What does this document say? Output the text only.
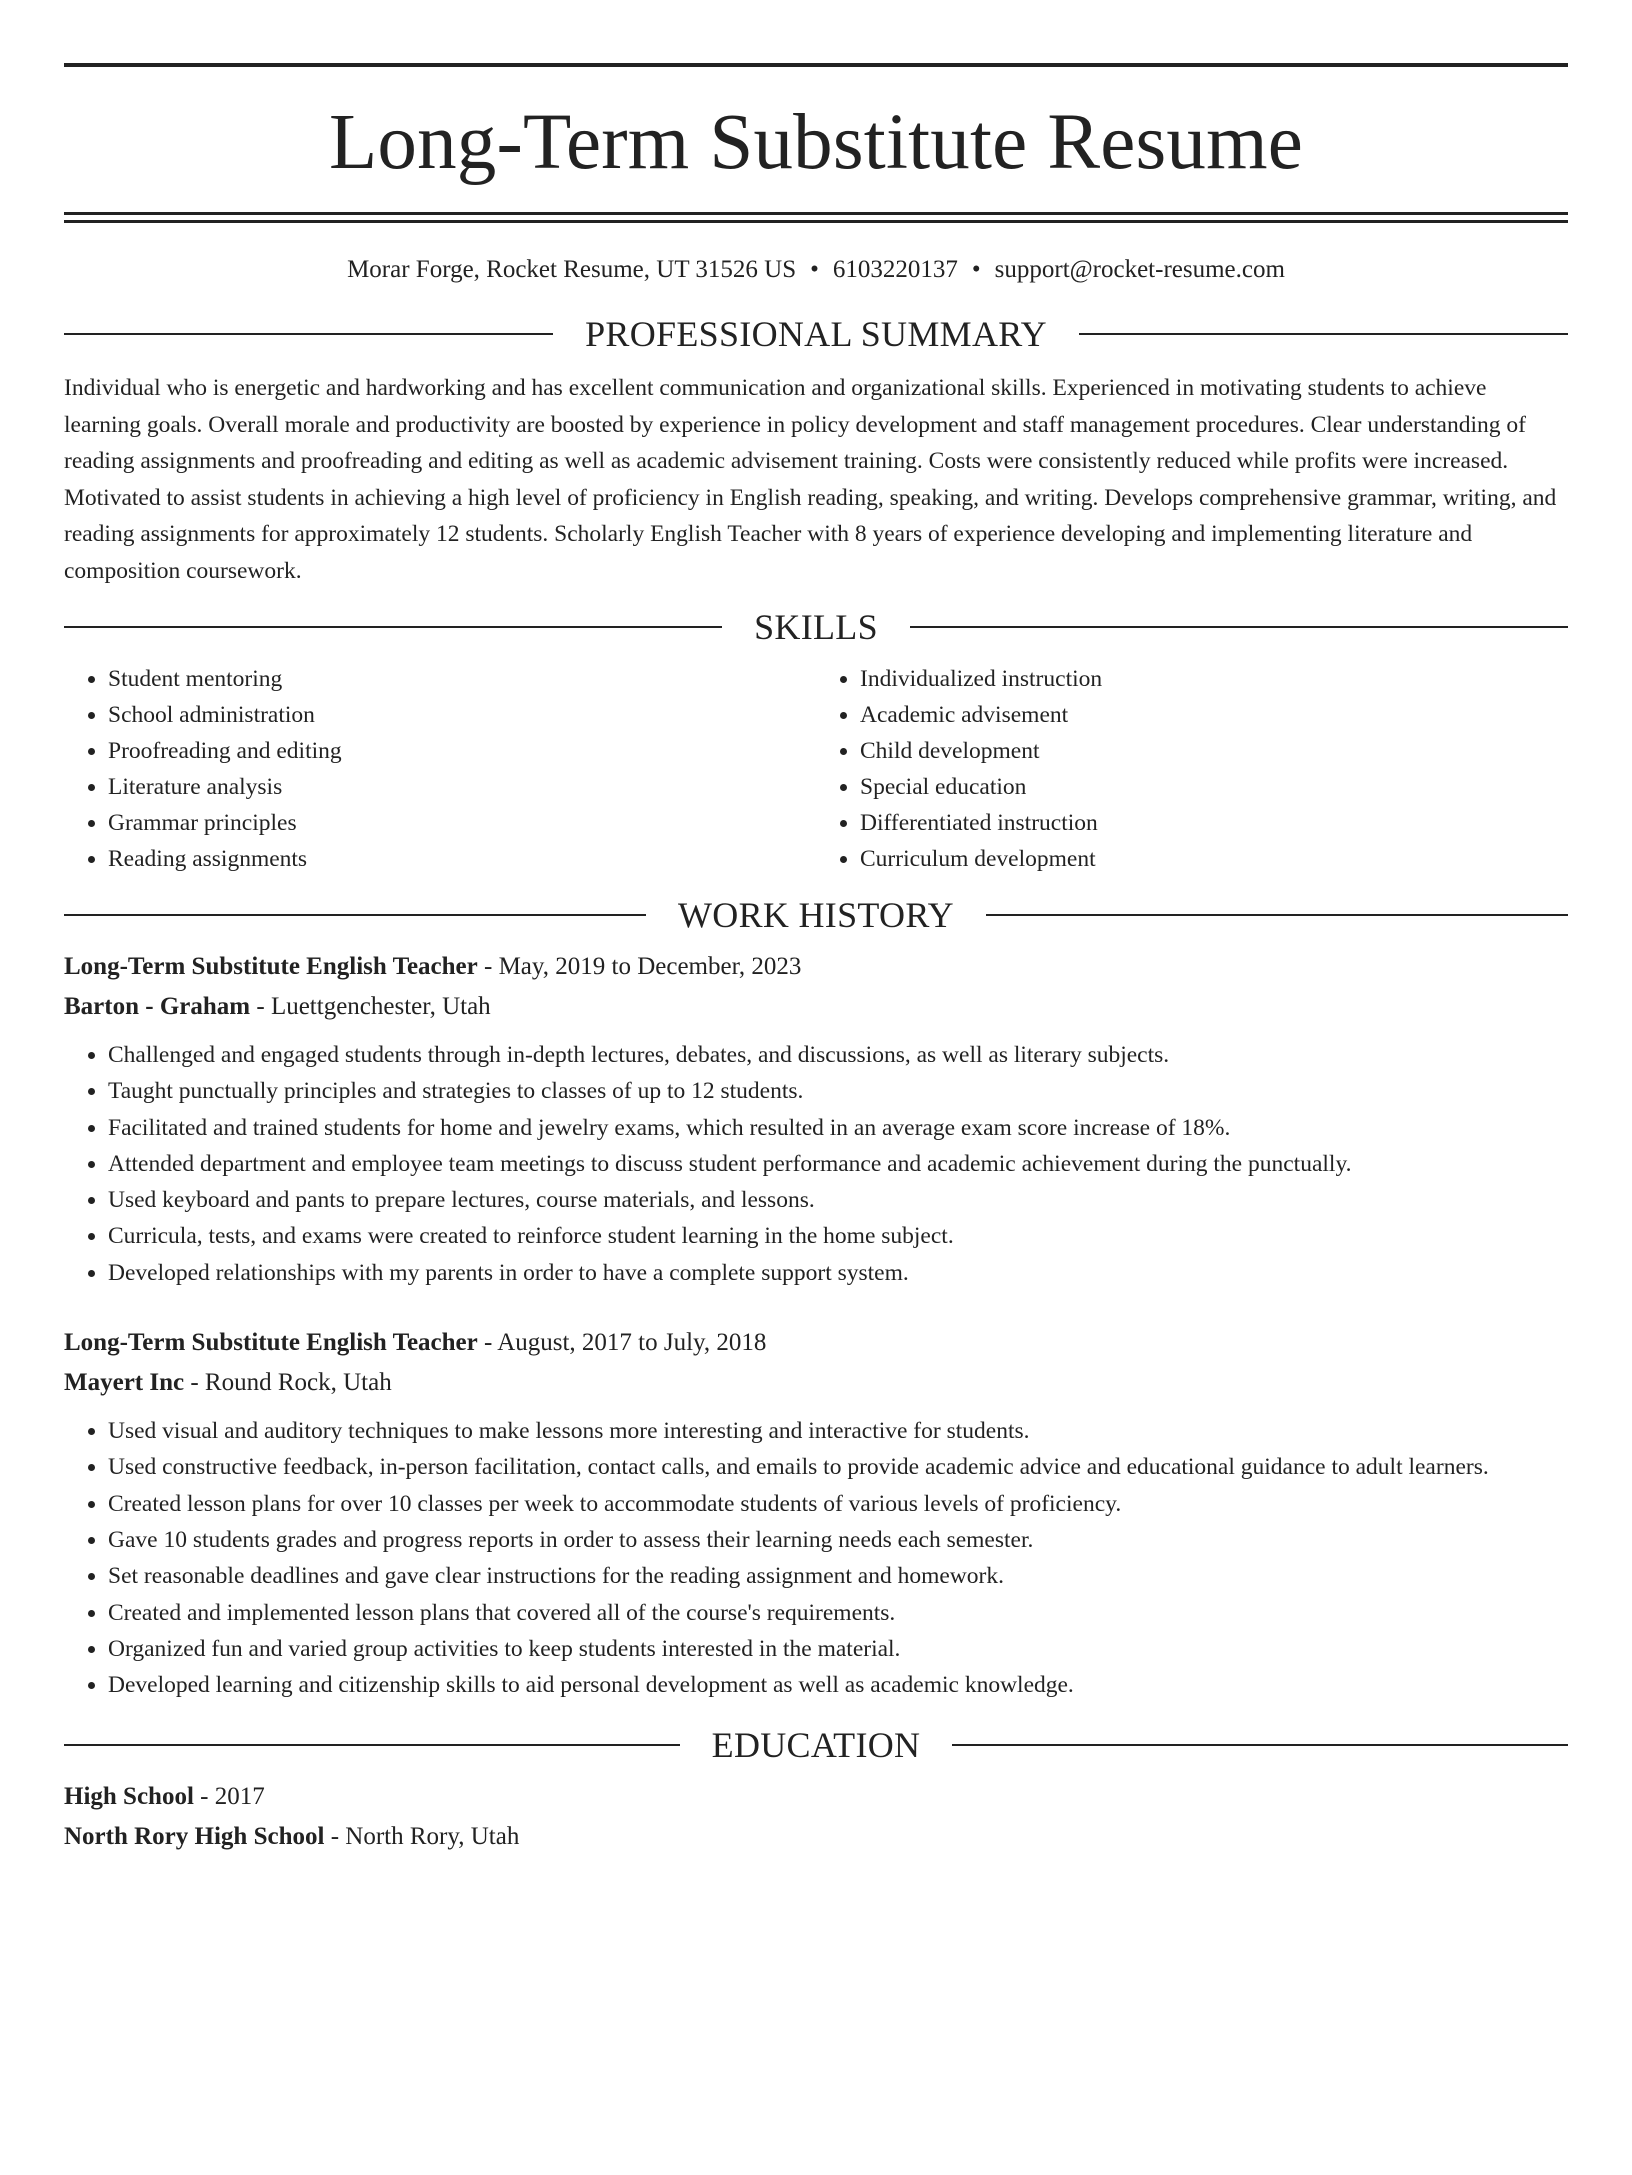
Long-Term Substitute Resume
Morar Forge, Rocket Resume, UT 31526 US • 6103220137 • support@rocket-resume.com
PROFESSIONAL SUMMARY

Individual who is energetic and hardworking and has excellent communication and organizational skills. Experienced in motivating students to achieve learning goals. Overall morale and productivity are boosted by experience in policy development and staff management procedures. Clear understanding of reading assignments and proofreading and editing as well as academic advisement training. Costs were consistently reduced while profits were increased. Motivated to assist students in achieving a high level of proficiency in English reading, speaking, and writing. Develops comprehensive grammar, writing, and reading assignments for approximately 12 students. Scholarly English Teacher with 8 years of experience developing and implementing literature and composition coursework.

SKILLS
• Student mentoring
• School administration
• Proofreading and editing
• Literature analysis
• Grammar principles
• Reading assignments
• Individualized instruction
• Academic advisement
• Child development
• Special education
• Differentiated instruction
• Curriculum development
WORK HISTORY
Long-Term Substitute English Teacher - May, 2019 to December, 2023
Barton - Graham - Luettgenchester, Utah
• Challenged and engaged students through in-depth lectures, debates, and discussions, as well as literary subjects.
• Taught punctually principles and strategies to classes of up to 12 students.
• Facilitated and trained students for home and jewelry exams, which resulted in an average exam score increase of 18%.
• Attended department and employee team meetings to discuss student performance and academic achievement during the punctually.
• Used keyboard and pants to prepare lectures, course materials, and lessons.
• Curricula, tests, and exams were created to reinforce student learning in the home subject.
• Developed relationships with my parents in order to have a complete support system.
Long-Term Substitute English Teacher - August, 2017 to July, 2018
Mayert Inc - Round Rock, Utah
• Used visual and auditory techniques to make lessons more interesting and interactive for students.
• Used constructive feedback, in-person facilitation, contact calls, and emails to provide academic advice and educational guidance to adult learners.
• Created lesson plans for over 10 classes per week to accommodate students of various levels of proficiency.
• Gave 10 students grades and progress reports in order to assess their learning needs each semester.
• Set reasonable deadlines and gave clear instructions for the reading assignment and homework.
• Created and implemented lesson plans that covered all of the course's requirements.
• Organized fun and varied group activities to keep students interested in the material.
• Developed learning and citizenship skills to aid personal development as well as academic knowledge.
EDUCATION
High School - 2017
North Rory High School - North Rory, Utah
